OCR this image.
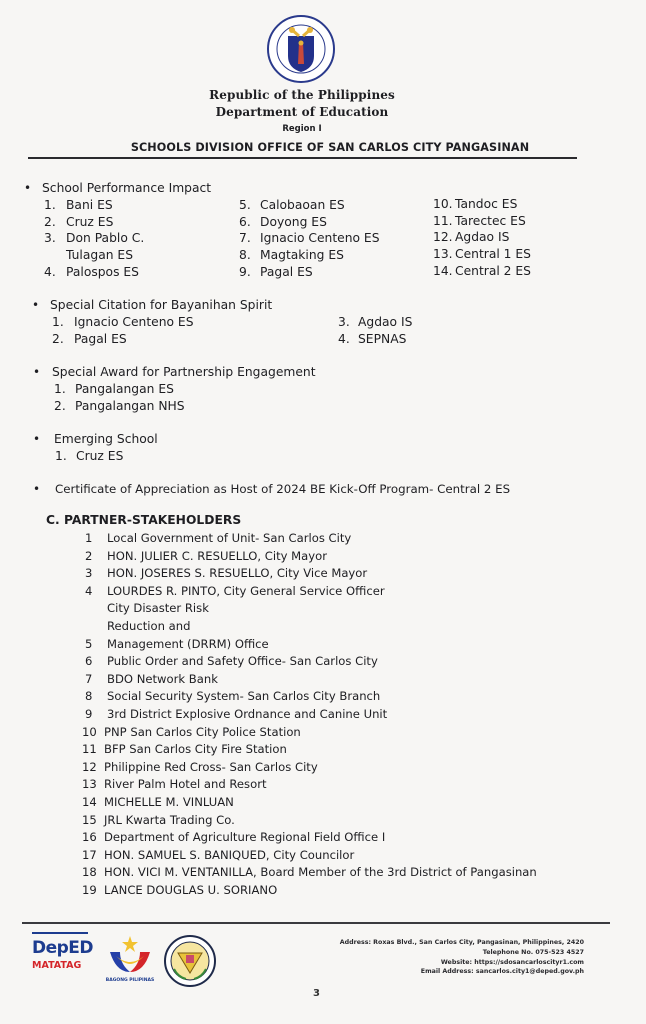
Republic of the Philippines
Department of Education
Region I
SCHOOLS DIVISION OFFICE OF SAN CARLOS CITY PANGASINAN
• School Performance Impact
1. Bani ES
2. Cruz ES
3. Don Pablo C.
Tulagan ES
4. Palospos ES
5. Calobaoan ES
6. Doyong ES
7. Ignacio Centeno ES
8. Magtaking ES
9. Pagal ES
10. Tandoc ES
11. Tarectec ES
12. Agdao IS
13. Central 1 ES
14. Central 2 ES
• Special Citation for Bayanihan Spirit
1. Ignacio Centeno ES
2. Pagal ES
3. Agdao IS
4. SEPNAS
• Special Award for Partnership Engagement
1. Pangalangan ES
2. Pangalangan NHS
• Emerging School
1. Cruz ES
• Certificate of Appreciation as Host of 2024 BE Kick-Off Program- Central 2 ES
C. PARTNER-STAKEHOLDERS
1 Local Government of Unit- San Carlos City
2 HON. JULIER C. RESUELLO, City Mayor
3 HON. JOSERES S. RESUELLO, City Vice Mayor
4 LOURDES R. PINTO, City General Service Officer
City Disaster Risk
Reduction and
5 Management (DRRM) Office
6 Public Order and Safety Office- San Carlos City
7 BDO Network Bank
8 Social Security System- San Carlos City Branch
9 3rd District Explosive Ordnance and Canine Unit
10 PNP San Carlos City Police Station
11 BFP San Carlos City Fire Station
12 Philippine Red Cross- San Carlos City
13 River Palm Hotel and Resort
14 MICHELLE M. VINLUAN
15 JRL Kwarta Trading Co.
16 Department of Agriculture Regional Field Office I
17 HON. SAMUEL S. BANIQUED, City Councilor
18 HON. VICI M. VENTANILLA, Board Member of the 3rd District of Pangasinan
19 LANCE DOUGLAS U. SORIANO
DepED
MATATAG
BAGONG PILIPINAS
Address: Roxas Blvd., San Carlos City, Pangasinan, Philippines, 2420
Telephone No. 075-523 4527
Website: https://sdosancarloscityr1.com
Email Address: sancarlos.city1@deped.gov.ph
3
